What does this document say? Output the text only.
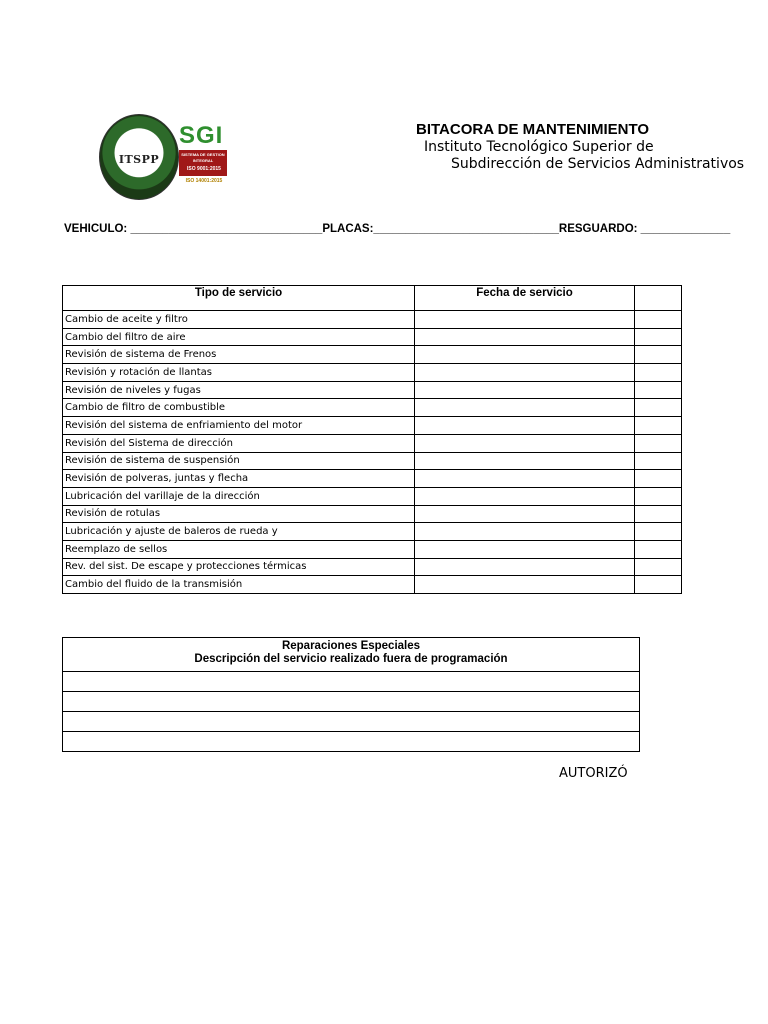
ITSPP
SGI
SISTEMA DE GESTION INTEGRAL
ISO 9001:2015
ISO 14001:2015
BITACORA DE MANTENIMIENTO
Instituto Tecnológico Superior de
Subdirección de Servicios Administrativos
VEHICULO: ______________________________PLACAS:_____________________________RESGUARDO: ______________
Tipo de servicio	Fecha de servicio	
Cambio de aceite y filtro		
Cambio del filtro de aire		
Revisión de sistema de Frenos		
Revisión y rotación de llantas		
Revisión de niveles y fugas		
Cambio de filtro de combustible		
Revisión del sistema de enfriamiento del motor		
Revisión del Sistema de dirección		
Revisión de sistema de suspensión		
Revisión de polveras, juntas y flecha		
Lubricación del varillaje de la dirección		
Revisión de rotulas		
Lubricación y ajuste de baleros de rueda y		
Reemplazo de sellos		
Rev. del sist. De escape y protecciones térmicas		
Cambio del fluido de la transmisión		
Reparaciones Especiales
Descripción del servicio realizado fuera de programación

AUTORIZÓ
